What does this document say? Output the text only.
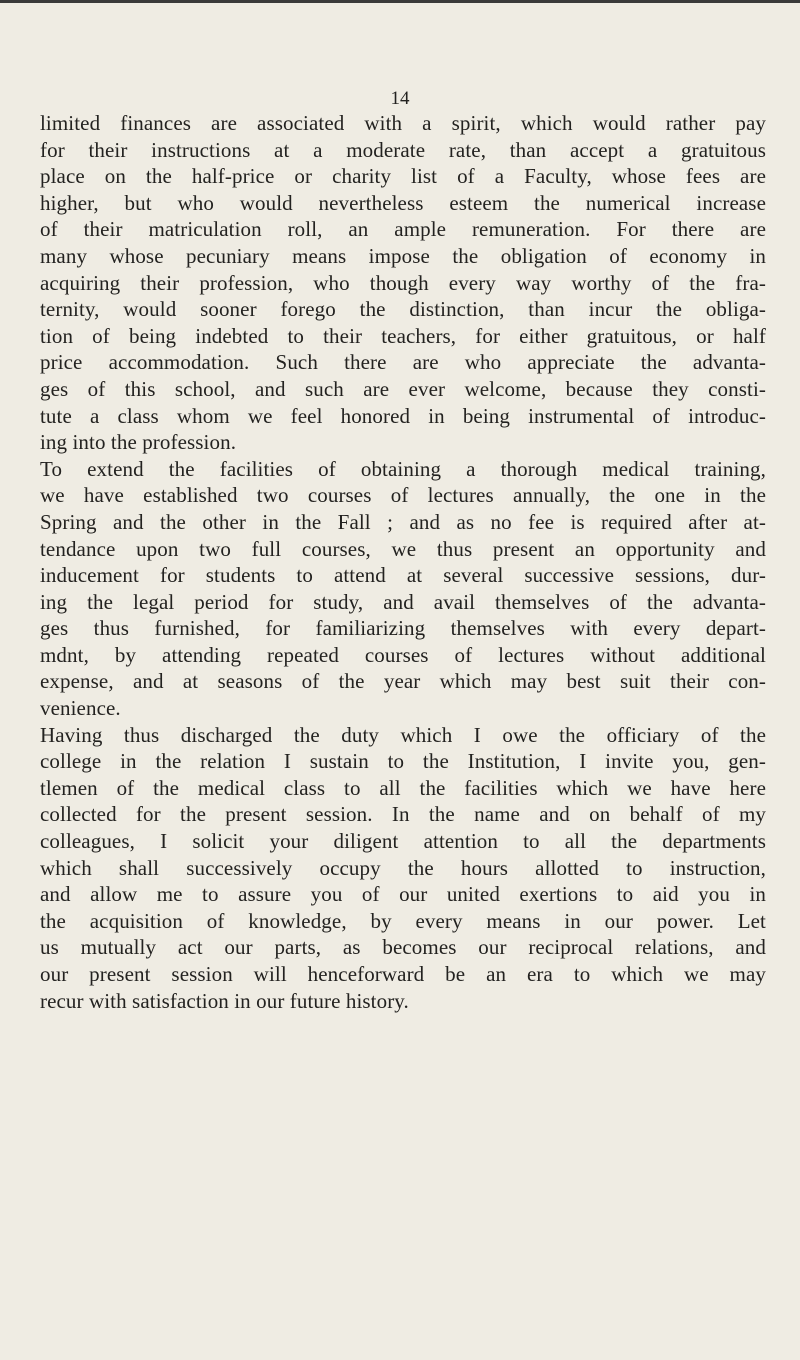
14
limited finances are associated with a spirit, which would rather pay
for their instructions at a moderate rate, than accept a gratuitous
place on the half-price or charity list of a Faculty, whose fees are
higher, but who would nevertheless esteem the numerical increase
of their matriculation roll, an ample remuneration. For there are
many whose pecuniary means impose the obligation of economy in
acquiring their profession, who though every way worthy of the fra-
ternity, would sooner forego the distinction, than incur the obliga-
tion of being indebted to their teachers, for either gratuitous, or half
price accommodation. Such there are who appreciate the advanta-
ges of this school, and such are ever welcome, because they consti-
tute a class whom we feel honored in being instrumental of introduc-
ing into the profession.
To extend the facilities of obtaining a thorough medical training,
we have established two courses of lectures annually, the one in the
Spring and the other in the Fall ; and as no fee is required after at-
tendance upon two full courses, we thus present an opportunity and
inducement for students to attend at several successive sessions, dur-
ing the legal period for study, and avail themselves of the advanta-
ges thus furnished, for familiarizing themselves with every depart-
mdnt, by attending repeated courses of lectures without additional
expense, and at seasons of the year which may best suit their con-
venience.
Having thus discharged the duty which I owe the officiary of the
college in the relation I sustain to the Institution, I invite you, gen-
tlemen of the medical class to all the facilities which we have here
collected for the present session. In the name and on behalf of my
colleagues, I solicit your diligent attention to all the departments
which shall successively occupy the hours allotted to instruction,
and allow me to assure you of our united exertions to aid you in
the acquisition of knowledge, by every means in our power. Let
us mutually act our parts, as becomes our reciprocal relations, and
our present session will henceforward be an era to which we may
recur with satisfaction in our future history.
